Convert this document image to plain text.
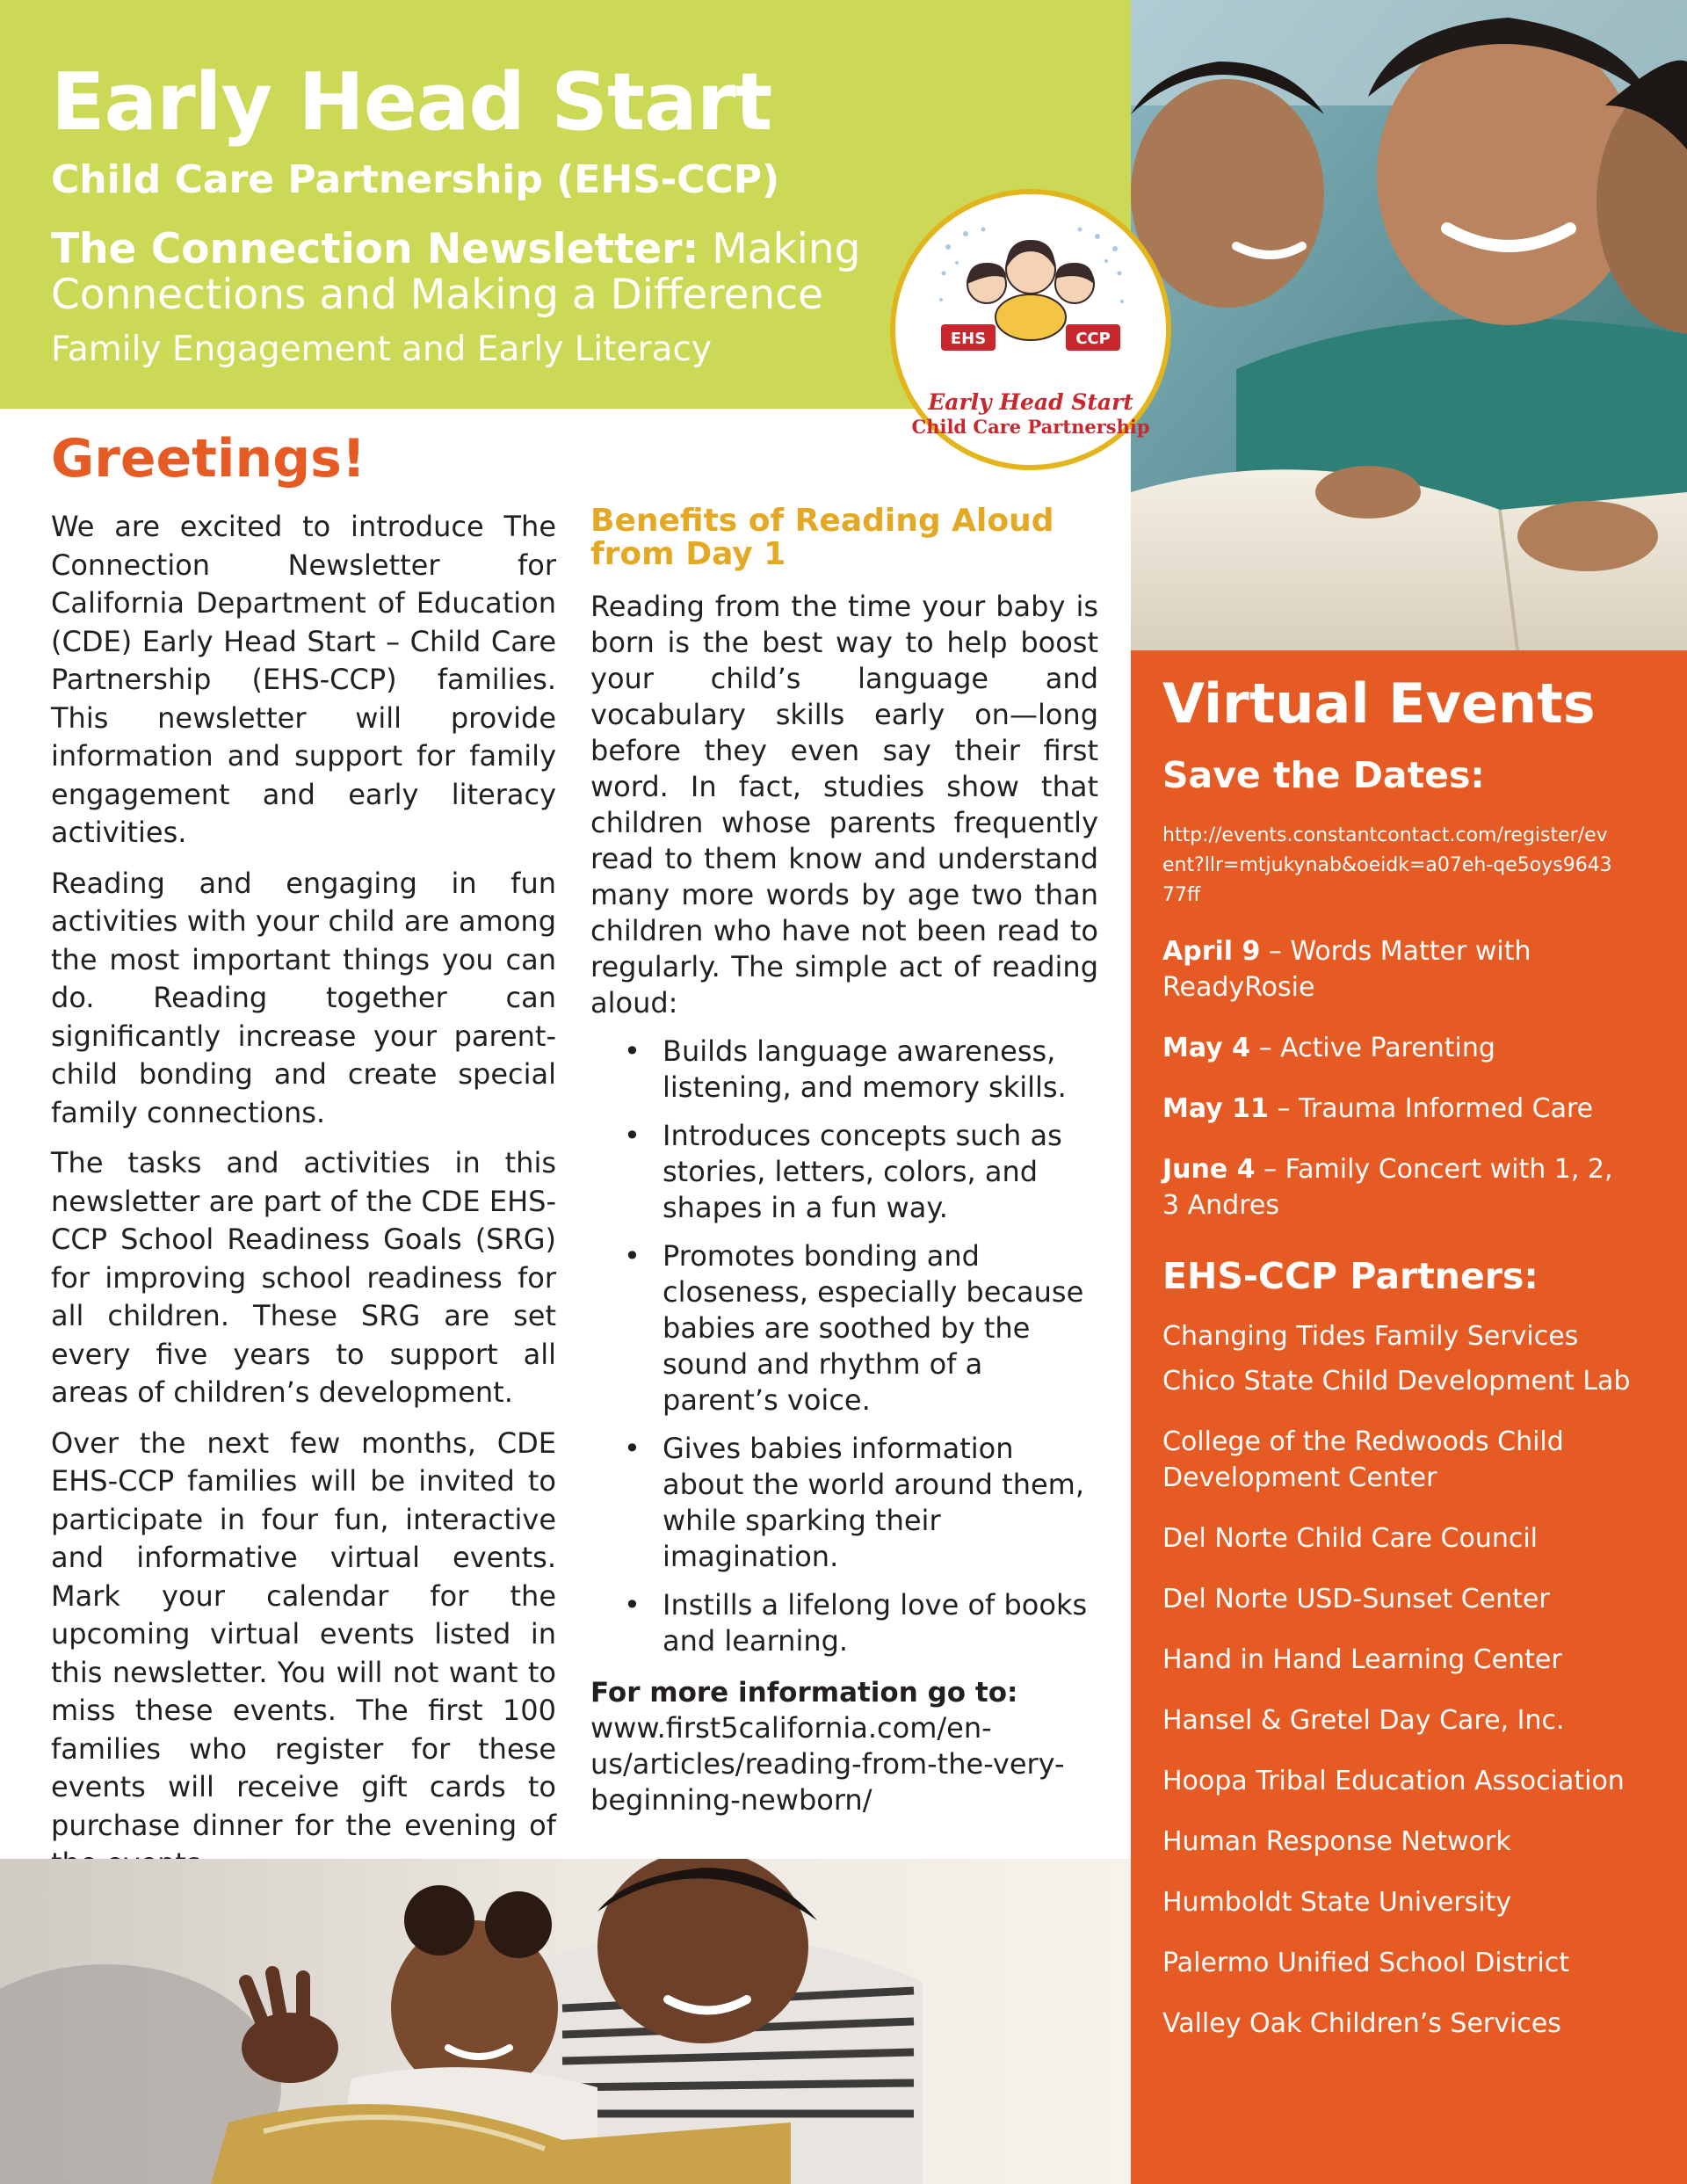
Early Head Start
Child Care Partnership (EHS-CCP)
The Connection Newsletter: Making Connections and Making a Difference
Family Engagement and Early Literacy	EHS	CCP
Early Head Start
Child Care Partnership
Greetings!

We are excited to introduce The Connection Newsletter for California Department of Education (CDE) Early Head Start – Child Care Partnership (EHS-CCP) families. This newsletter will provide information and support for family engagement and early literacy activities.

Reading and engaging in fun activities with your child are among the most important things you can do. Reading together can significantly increase your parent-child bonding and create special family connections.

The tasks and activities in this newsletter are part of the CDE EHS-CCP School Readiness Goals (SRG) for improving school readiness for all children. These SRG are set every five years to support all areas of children’s development.

Over the next few months, CDE EHS-CCP families will be invited to participate in four fun, interactive and informative virtual events. Mark your calendar for the upcoming virtual events listed in this newsletter. You will not want to miss these events. The first 100 families who register for these events will receive gift cards to purchase dinner for the evening of

Benefits of Reading Aloud from Day 1

Reading from the time your baby is born is the best way to help boost your child’s language and vocabulary skills early on—long before they even say their first word. In fact, studies show that children whose parents frequently read to them know and understand many more words by age two than children who have not been read to regularly. The simple act of reading aloud:

• Builds language awareness, listening, and memory skills.
• Introduces concepts such as stories, letters, colors, and shapes in a fun way.
• Promotes bonding and closeness, especially because babies are soothed by the sound and rhythm of a parent’s voice.
• Gives babies information about the world around them, while sparking their imagination.
• Instills a lifelong love of books and learning.

For more information go to:

www.first5california.com/en-us/articles/reading-from-the-very-beginning-newborn/

Virtual Events
Save the Dates:
http://events.constantcontact.com/register/event?llr=mtjukynab&oeidk=a07eh-qe5oys964377ff
April 9 – Words Matter with ReadyRosie
May 4 – Active Parenting
May 11 – Trauma Informed Care
June 4 – Family Concert with 1, 2, 3 Andres
EHS-CCP Partners:
Changing Tides Family Services
Chico State Child Development Lab
College of the Redwoods Child Development Center
Del Norte Child Care Council
Del Norte USD-Sunset Center
Hand in Hand Learning Center
Hansel & Gretel Day Care, Inc.
Hoopa Tribal Education Association
Human Response Network
Humboldt State University
Palermo Unified School District
Valley Oak Children’s Services
